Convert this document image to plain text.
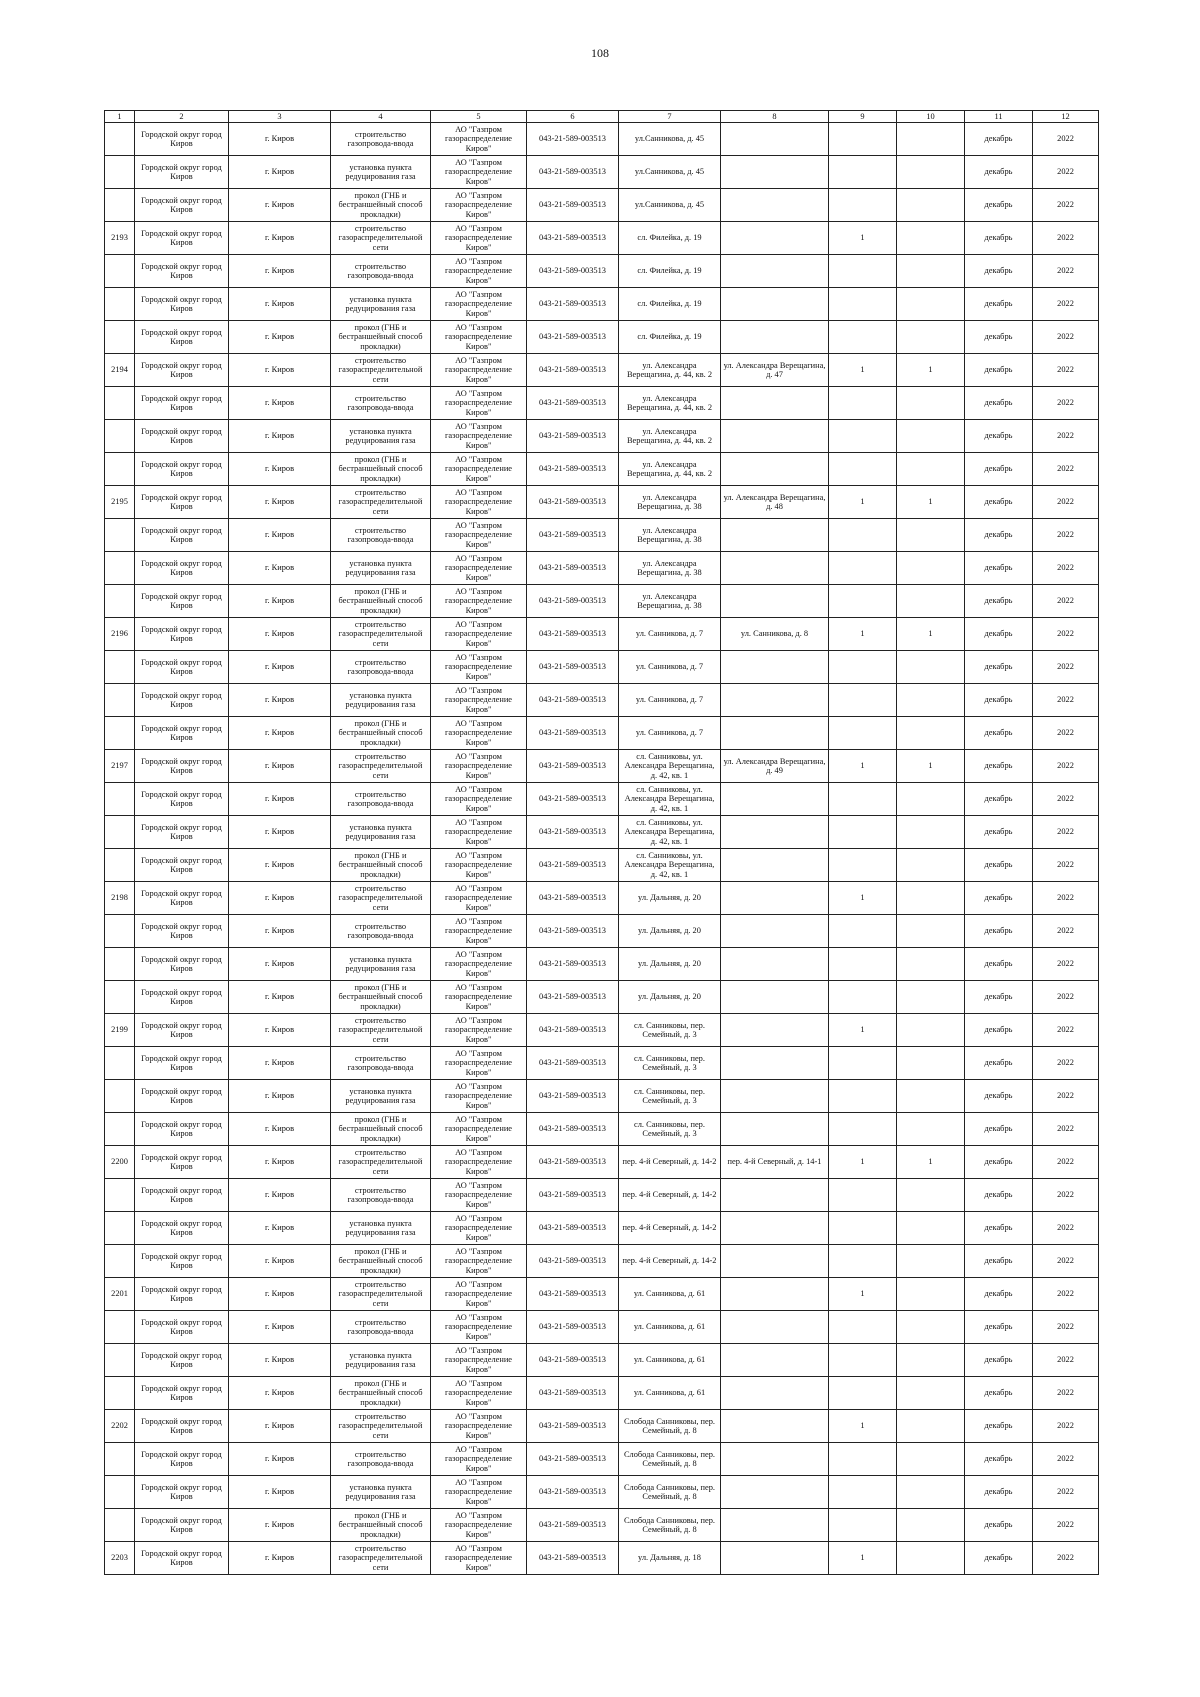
108
1	2	3	4	5	6	7	8	9	10	11	12

	Городской округ город Киров	г. Киров	строительство газопровода-ввода	АО "Газпром газораспределение Киров"	043-21-589-003513	ул.Санникова, д. 45				декабрь	2022

	Городской округ город Киров	г. Киров	установка пункта редуцирования газа	АО "Газпром газораспределение Киров"	043-21-589-003513	ул.Санникова, д. 45				декабрь	2022

	Городской округ город Киров	г. Киров	прокол (ГНБ и бестраншейный способ прокладки)	АО "Газпром газораспределение Киров"	043-21-589-003513	ул.Санникова, д. 45				декабрь	2022

2193	Городской округ город Киров	г. Киров	строительство газораспределительной сети	АО "Газпром газораспределение Киров"	043-21-589-003513	сл. Филейка, д. 19		1		декабрь	2022

	Городской округ город Киров	г. Киров	строительство газопровода-ввода	АО "Газпром газораспределение Киров"	043-21-589-003513	сл. Филейка, д. 19				декабрь	2022

	Городской округ город Киров	г. Киров	установка пункта редуцирования газа	АО "Газпром газораспределение Киров"	043-21-589-003513	сл. Филейка, д. 19				декабрь	2022

	Городской округ город Киров	г. Киров	прокол (ГНБ и бестраншейный способ прокладки)	АО "Газпром газораспределение Киров"	043-21-589-003513	сл. Филейка, д. 19				декабрь	2022

2194	Городской округ город Киров	г. Киров	строительство газораспределительной сети	АО "Газпром газораспределение Киров"	043-21-589-003513	ул. Александра Верещагина, д. 44, кв. 2	ул. Александра Верещагина, д. 47	1	1	декабрь	2022

	Городской округ город Киров	г. Киров	строительство газопровода-ввода	АО "Газпром газораспределение Киров"	043-21-589-003513	ул. Александра Верещагина, д. 44, кв. 2				декабрь	2022

	Городской округ город Киров	г. Киров	установка пункта редуцирования газа	АО "Газпром газораспределение Киров"	043-21-589-003513	ул. Александра Верещагина, д. 44, кв. 2				декабрь	2022

	Городской округ город Киров	г. Киров	прокол (ГНБ и бестраншейный способ прокладки)	АО "Газпром газораспределение Киров"	043-21-589-003513	ул. Александра Верещагина, д. 44, кв. 2				декабрь	2022

2195	Городской округ город Киров	г. Киров	строительство газораспределительной сети	АО "Газпром газораспределение Киров"	043-21-589-003513	ул. Александра Верещагина, д. 38	ул. Александра Верещагина, д. 48	1	1	декабрь	2022

	Городской округ город Киров	г. Киров	строительство газопровода-ввода	АО "Газпром газораспределение Киров"	043-21-589-003513	ул. Александра Верещагина, д. 38				декабрь	2022

	Городской округ город Киров	г. Киров	установка пункта редуцирования газа	АО "Газпром газораспределение Киров"	043-21-589-003513	ул. Александра Верещагина, д. 38				декабрь	2022

	Городской округ город Киров	г. Киров	прокол (ГНБ и бестраншейный способ прокладки)	АО "Газпром газораспределение Киров"	043-21-589-003513	ул. Александра Верещагина, д. 38				декабрь	2022

2196	Городской округ город Киров	г. Киров	строительство газораспределительной сети	АО "Газпром газораспределение Киров"	043-21-589-003513	ул. Санникова, д. 7	ул. Санникова, д. 8	1	1	декабрь	2022

	Городской округ город Киров	г. Киров	строительство газопровода-ввода	АО "Газпром газораспределение Киров"	043-21-589-003513	ул. Санникова, д. 7				декабрь	2022

	Городской округ город Киров	г. Киров	установка пункта редуцирования газа	АО "Газпром газораспределение Киров"	043-21-589-003513	ул. Санникова, д. 7				декабрь	2022

	Городской округ город Киров	г. Киров	прокол (ГНБ и бестраншейный способ прокладки)	АО "Газпром газораспределение Киров"	043-21-589-003513	ул. Санникова, д. 7				декабрь	2022

2197	Городской округ город Киров	г. Киров	строительство газораспределительной сети	АО "Газпром газораспределение Киров"	043-21-589-003513	сл. Санниковы, ул. Александра Верещагина, д. 42, кв. 1	ул. Александра Верещагина, д. 49	1	1	декабрь	2022

	Городской округ город Киров	г. Киров	строительство газопровода-ввода	АО "Газпром газораспределение Киров"	043-21-589-003513	сл. Санниковы, ул. Александра Верещагина, д. 42, кв. 1				декабрь	2022

	Городской округ город Киров	г. Киров	установка пункта редуцирования газа	АО "Газпром газораспределение Киров"	043-21-589-003513	сл. Санниковы, ул. Александра Верещагина, д. 42, кв. 1				декабрь	2022

	Городской округ город Киров	г. Киров	прокол (ГНБ и бестраншейный способ прокладки)	АО "Газпром газораспределение Киров"	043-21-589-003513	сл. Санниковы, ул. Александра Верещагина, д. 42, кв. 1				декабрь	2022

2198	Городской округ город Киров	г. Киров	строительство газораспределительной сети	АО "Газпром газораспределение Киров"	043-21-589-003513	ул. Дальняя, д. 20		1		декабрь	2022

	Городской округ город Киров	г. Киров	строительство газопровода-ввода	АО "Газпром газораспределение Киров"	043-21-589-003513	ул. Дальняя, д. 20				декабрь	2022

	Городской округ город Киров	г. Киров	установка пункта редуцирования газа	АО "Газпром газораспределение Киров"	043-21-589-003513	ул. Дальняя, д. 20				декабрь	2022

	Городской округ город Киров	г. Киров	прокол (ГНБ и бестраншейный способ прокладки)	АО "Газпром газораспределение Киров"	043-21-589-003513	ул. Дальняя, д. 20				декабрь	2022

2199	Городской округ город Киров	г. Киров	строительство газораспределительной сети	АО "Газпром газораспределение Киров"	043-21-589-003513	сл. Санниковы, пер. Семейный, д. 3		1		декабрь	2022

	Городской округ город Киров	г. Киров	строительство газопровода-ввода	АО "Газпром газораспределение Киров"	043-21-589-003513	сл. Санниковы, пер. Семейный, д. 3				декабрь	2022

	Городской округ город Киров	г. Киров	установка пункта редуцирования газа	АО "Газпром газораспределение Киров"	043-21-589-003513	сл. Санниковы, пер. Семейный, д. 3				декабрь	2022

	Городской округ город Киров	г. Киров	прокол (ГНБ и бестраншейный способ прокладки)	АО "Газпром газораспределение Киров"	043-21-589-003513	сл. Санниковы, пер. Семейный, д. 3				декабрь	2022

2200	Городской округ город Киров	г. Киров	строительство газораспределительной сети	АО "Газпром газораспределение Киров"	043-21-589-003513	пер. 4-й Северный, д. 14-2	пер. 4-й Северный, д. 14-1	1	1	декабрь	2022

	Городской округ город Киров	г. Киров	строительство газопровода-ввода	АО "Газпром газораспределение Киров"	043-21-589-003513	пер. 4-й Северный, д. 14-2				декабрь	2022

	Городской округ город Киров	г. Киров	установка пункта редуцирования газа	АО "Газпром газораспределение Киров"	043-21-589-003513	пер. 4-й Северный, д. 14-2				декабрь	2022

	Городской округ город Киров	г. Киров	прокол (ГНБ и бестраншейный способ прокладки)	АО "Газпром газораспределение Киров"	043-21-589-003513	пер. 4-й Северный, д. 14-2				декабрь	2022

2201	Городской округ город Киров	г. Киров	строительство газораспределительной сети	АО "Газпром газораспределение Киров"	043-21-589-003513	ул. Санникова, д. 61		1		декабрь	2022

	Городской округ город Киров	г. Киров	строительство газопровода-ввода	АО "Газпром газораспределение Киров"	043-21-589-003513	ул. Санникова, д. 61				декабрь	2022

	Городской округ город Киров	г. Киров	установка пункта редуцирования газа	АО "Газпром газораспределение Киров"	043-21-589-003513	ул. Санникова, д. 61				декабрь	2022

	Городской округ город Киров	г. Киров	прокол (ГНБ и бестраншейный способ прокладки)	АО "Газпром газораспределение Киров"	043-21-589-003513	ул. Санникова, д. 61				декабрь	2022

2202	Городской округ город Киров	г. Киров	строительство газораспределительной сети	АО "Газпром газораспределение Киров"	043-21-589-003513	Слобода Санниковы, пер. Семейный, д. 8		1		декабрь	2022

	Городской округ город Киров	г. Киров	строительство газопровода-ввода	АО "Газпром газораспределение Киров"	043-21-589-003513	Слобода Санниковы, пер. Семейный, д. 8				декабрь	2022

	Городской округ город Киров	г. Киров	установка пункта редуцирования газа	АО "Газпром газораспределение Киров"	043-21-589-003513	Слобода Санниковы, пер. Семейный, д. 8				декабрь	2022

	Городской округ город Киров	г. Киров	прокол (ГНБ и бестраншейный способ прокладки)	АО "Газпром газораспределение Киров"	043-21-589-003513	Слобода Санниковы, пер. Семейный, д. 8				декабрь	2022

2203	Городской округ город Киров	г. Киров	строительство газораспределительной сети	АО "Газпром газораспределение Киров"	043-21-589-003513	ул. Дальняя, д. 18		1		декабрь	2022
